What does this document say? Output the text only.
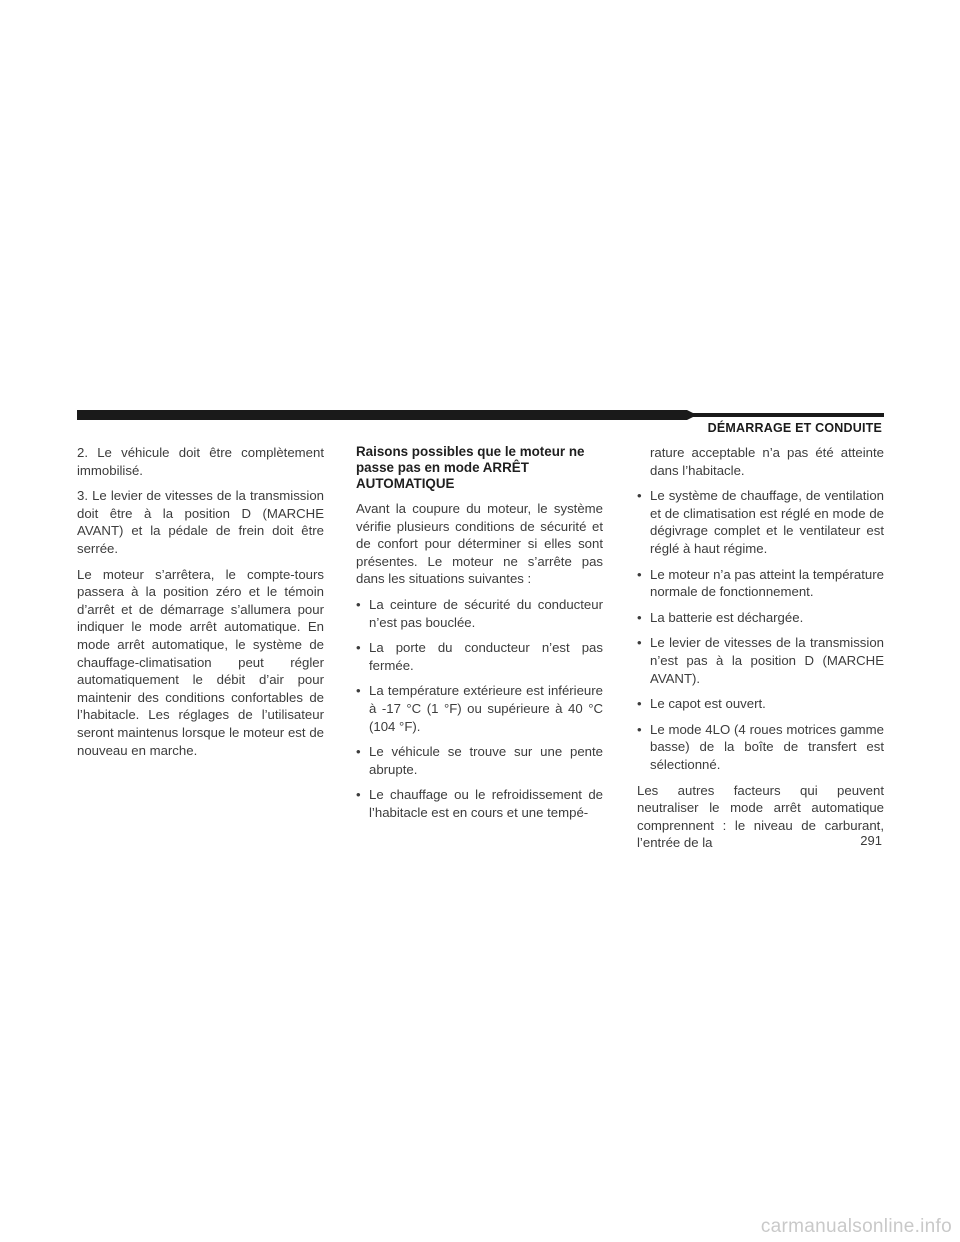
DÉMARRAGE ET CONDUITE

2. Le véhicule doit être complètement immobilisé.

3. Le levier de vitesses de la transmission doit être à la position D (MARCHE AVANT) et la pédale de frein doit être serrée.

Le moteur s’arrêtera, le compte-tours passera à la position zéro et le témoin d’arrêt et de démarrage s’allumera pour indiquer le mode arrêt automatique. En mode arrêt automatique, le système de chauffage-climatisation peut régler automatiquement le débit d’air pour maintenir des conditions confortables de l’habitacle. Les réglages de l’utilisateur seront maintenus lorsque le moteur est de nouveau en marche.

Raisons possibles que le moteur ne passe pas en mode ARRÊT AUTOMATIQUE

Avant la coupure du moteur, le système vérifie plusieurs conditions de sécurité et de confort pour déterminer si elles sont présentes. Le moteur ne s’arrête pas dans les situations suivantes :

• La ceinture de sécurité du conducteur n’est pas bouclée.
• La porte du conducteur n’est pas fermée.
• La température extérieure est inférieure à -17 °C (1 °F) ou supérieure à 40 °C (104 °F).
• Le véhicule se trouve sur une pente abrupte.
• Le chauffage ou le refroidissement de l’habitacle est en cours et une tempé-
rature acceptable n’a pas été atteinte dans l’habitacle.
• Le système de chauffage, de ventilation et de climatisation est réglé en mode de dégivrage complet et le ventilateur est réglé à haut régime.
• Le moteur n’a pas atteint la température normale de fonctionnement.
• La batterie est déchargée.
• Le levier de vitesses de la transmission n’est pas à la position D (MARCHE AVANT).
• Le capot est ouvert.
• Le mode 4LO (4 roues motrices gamme basse) de la boîte de transfert est sélectionné.

Les autres facteurs qui peuvent neutraliser le mode arrêt automatique comprennent : le niveau de carburant, l’entrée de la	291
carmanualsonline.info
